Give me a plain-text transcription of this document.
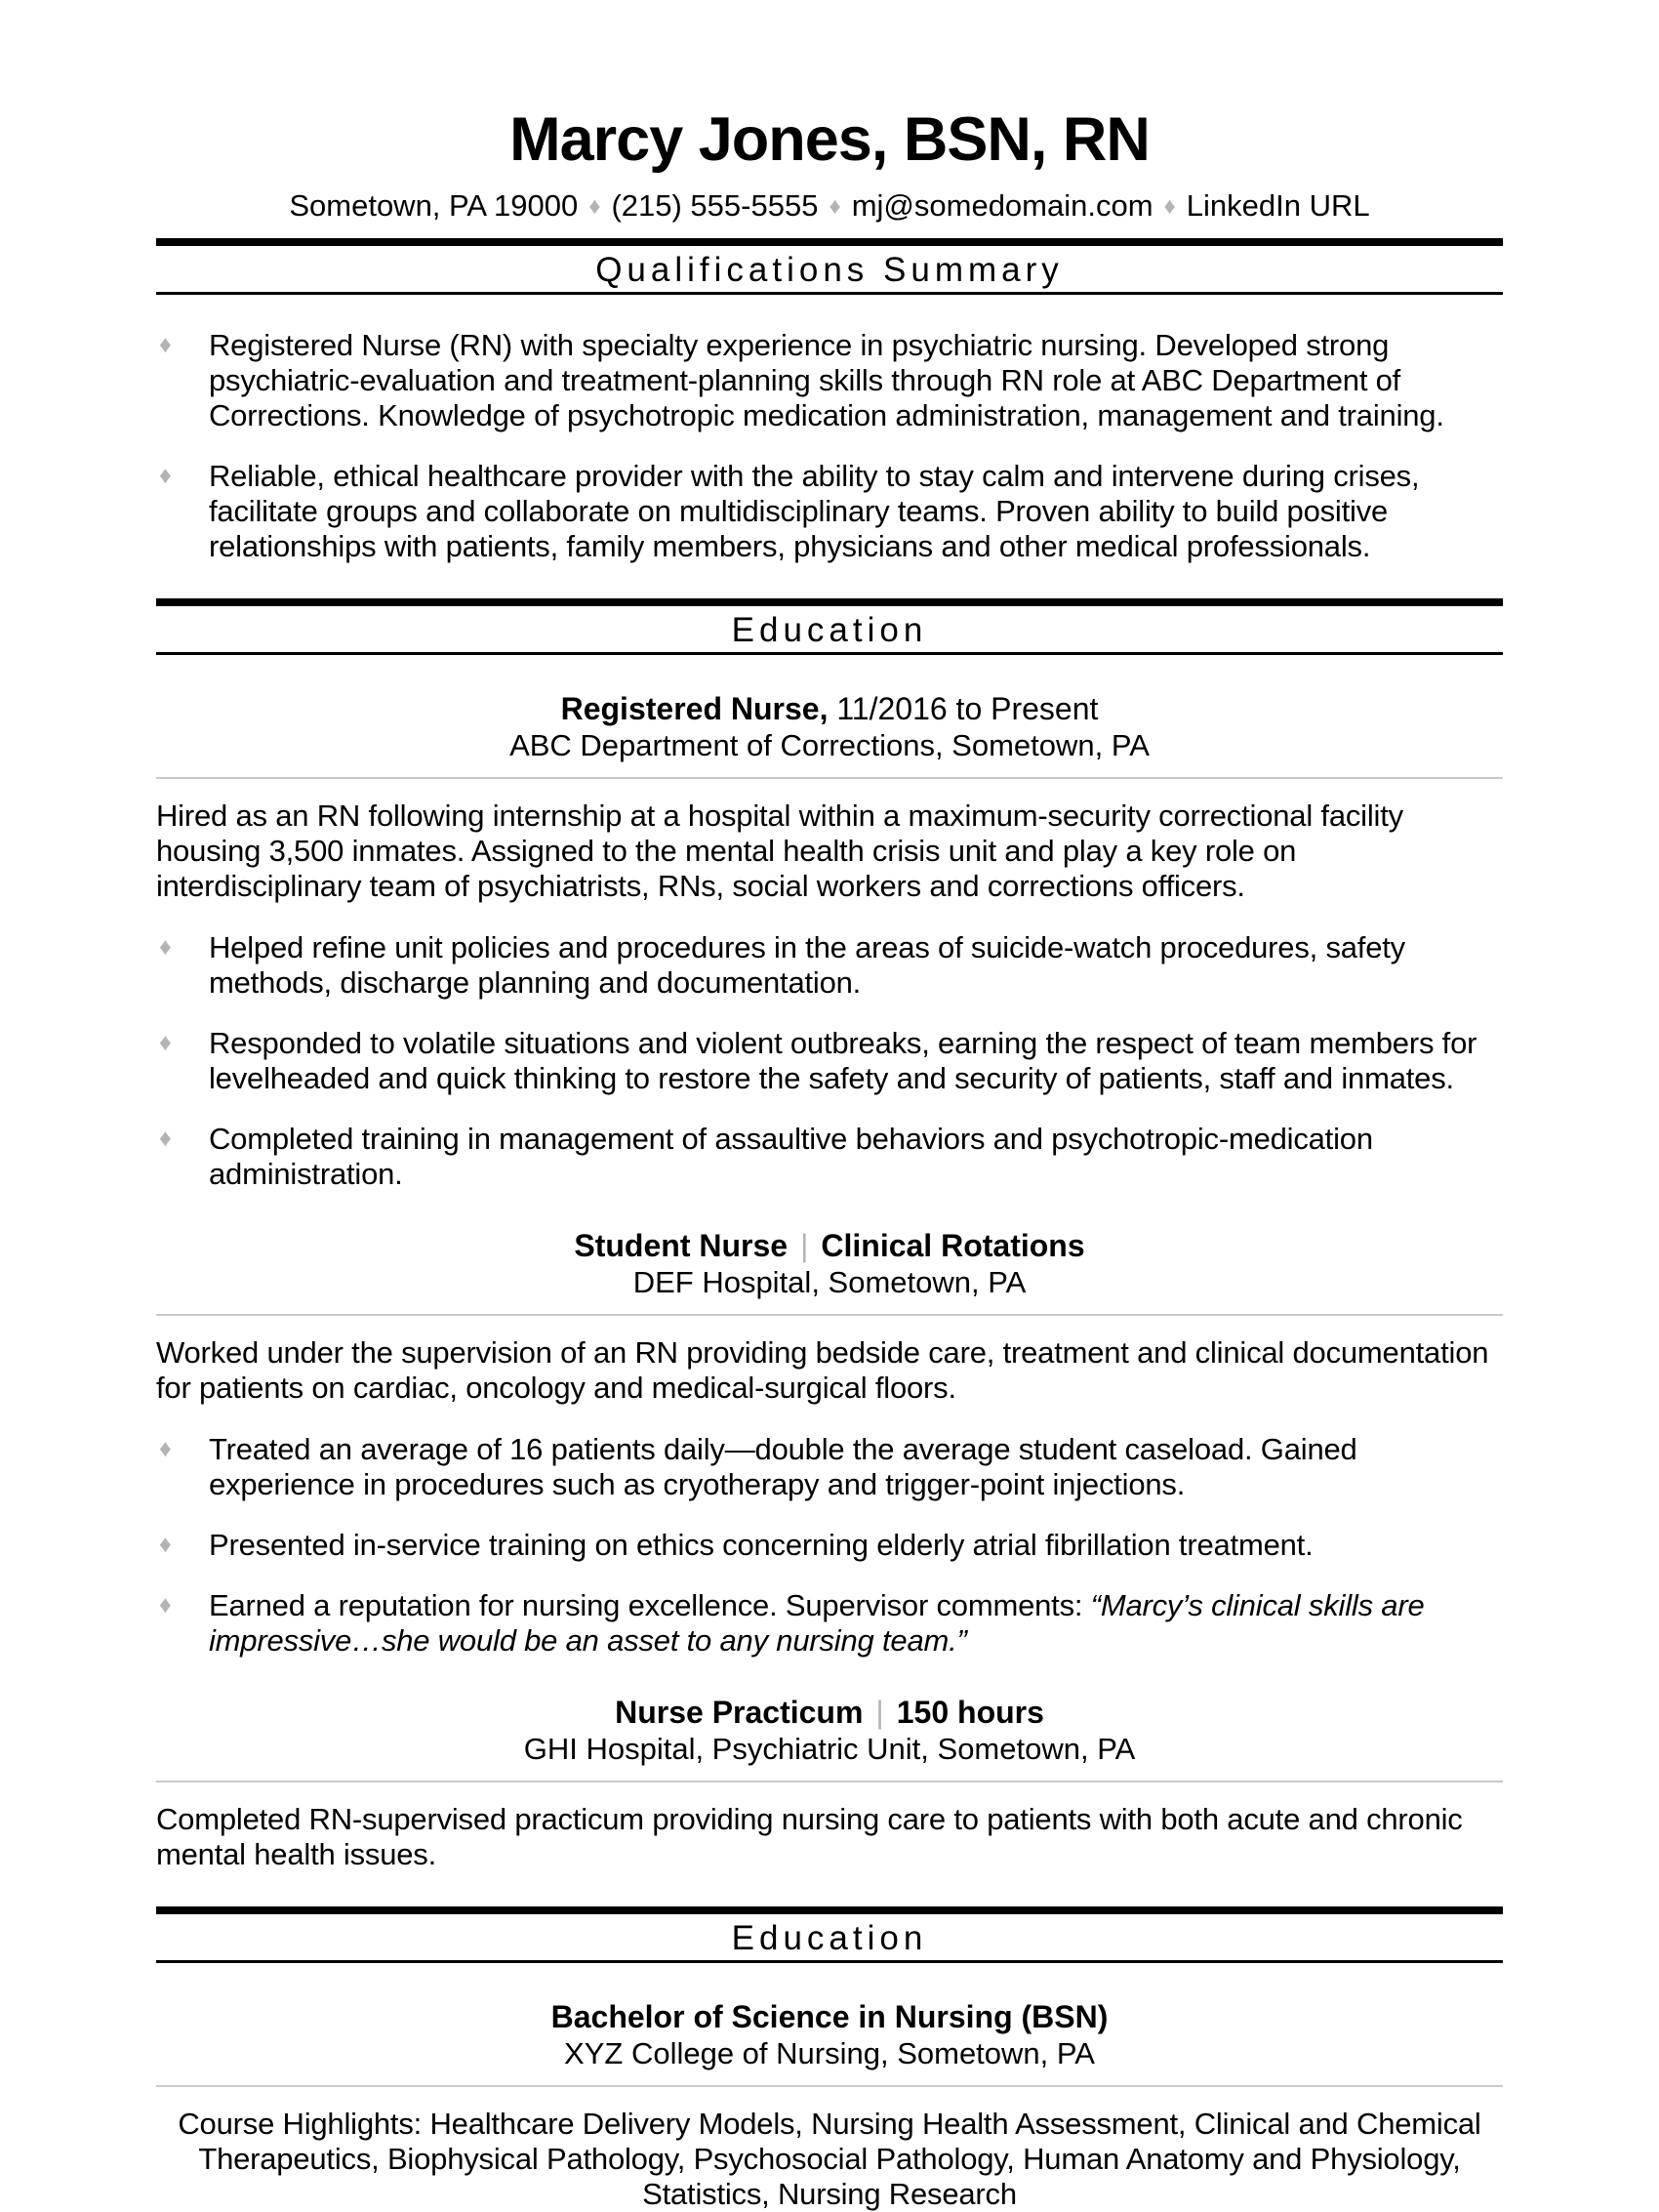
Marcy Jones, BSN, RN
Sometown, PA 19000 ♦ (215) 555-5555 ♦ mj@somedomain.com ♦ LinkedIn URL
Qualifications Summary
♦ Registered Nurse (RN) with specialty experience in psychiatric nursing. Developed strong psychiatric-evaluation and treatment-planning skills through RN role at ABC Department of Corrections. Knowledge of psychotropic medication administration, management and training.
♦ Reliable, ethical healthcare provider with the ability to stay calm and intervene during crises, facilitate groups and collaborate on multidisciplinary teams. Proven ability to build positive relationships with patients, family members, physicians and other medical professionals.
Education
Registered Nurse, 11/2016 to Present
ABC Department of Corrections, Sometown, PA

Hired as an RN following internship at a hospital within a maximum-security correctional facility housing 3,500 inmates. Assigned to the mental health crisis unit and play a key role on interdisciplinary team of psychiatrists, RNs, social workers and corrections officers.

♦ Helped refine unit policies and procedures in the areas of suicide-watch procedures, safety methods, discharge planning and documentation.
♦ Responded to volatile situations and violent outbreaks, earning the respect of team members for levelheaded and quick thinking to restore the safety and security of patients, staff and inmates.
♦ Completed training in management of assaultive behaviors and psychotropic-medication administration.
Student Nurse | Clinical Rotations
DEF Hospital, Sometown, PA

Worked under the supervision of an RN providing bedside care, treatment and clinical documentation for patients on cardiac, oncology and medical-surgical floors.

♦ Treated an average of 16 patients daily—double the average student caseload. Gained experience in procedures such as cryotherapy and trigger-point injections.
♦ Presented in-service training on ethics concerning elderly atrial fibrillation treatment.
♦ Earned a reputation for nursing excellence. Supervisor comments: “Marcy’s clinical skills are impressive…she would be an asset to any nursing team.”
Nurse Practicum | 150 hours
GHI Hospital, Psychiatric Unit, Sometown, PA

Completed RN-supervised practicum providing nursing care to patients with both acute and chronic mental health issues.

Education
Bachelor of Science in Nursing (BSN)
XYZ College of Nursing, Sometown, PA

Course Highlights: Healthcare Delivery Models, Nursing Health Assessment, Clinical and Chemical Therapeutics, Biophysical Pathology, Psychosocial Pathology, Human Anatomy and Physiology, Statistics, Nursing Research
